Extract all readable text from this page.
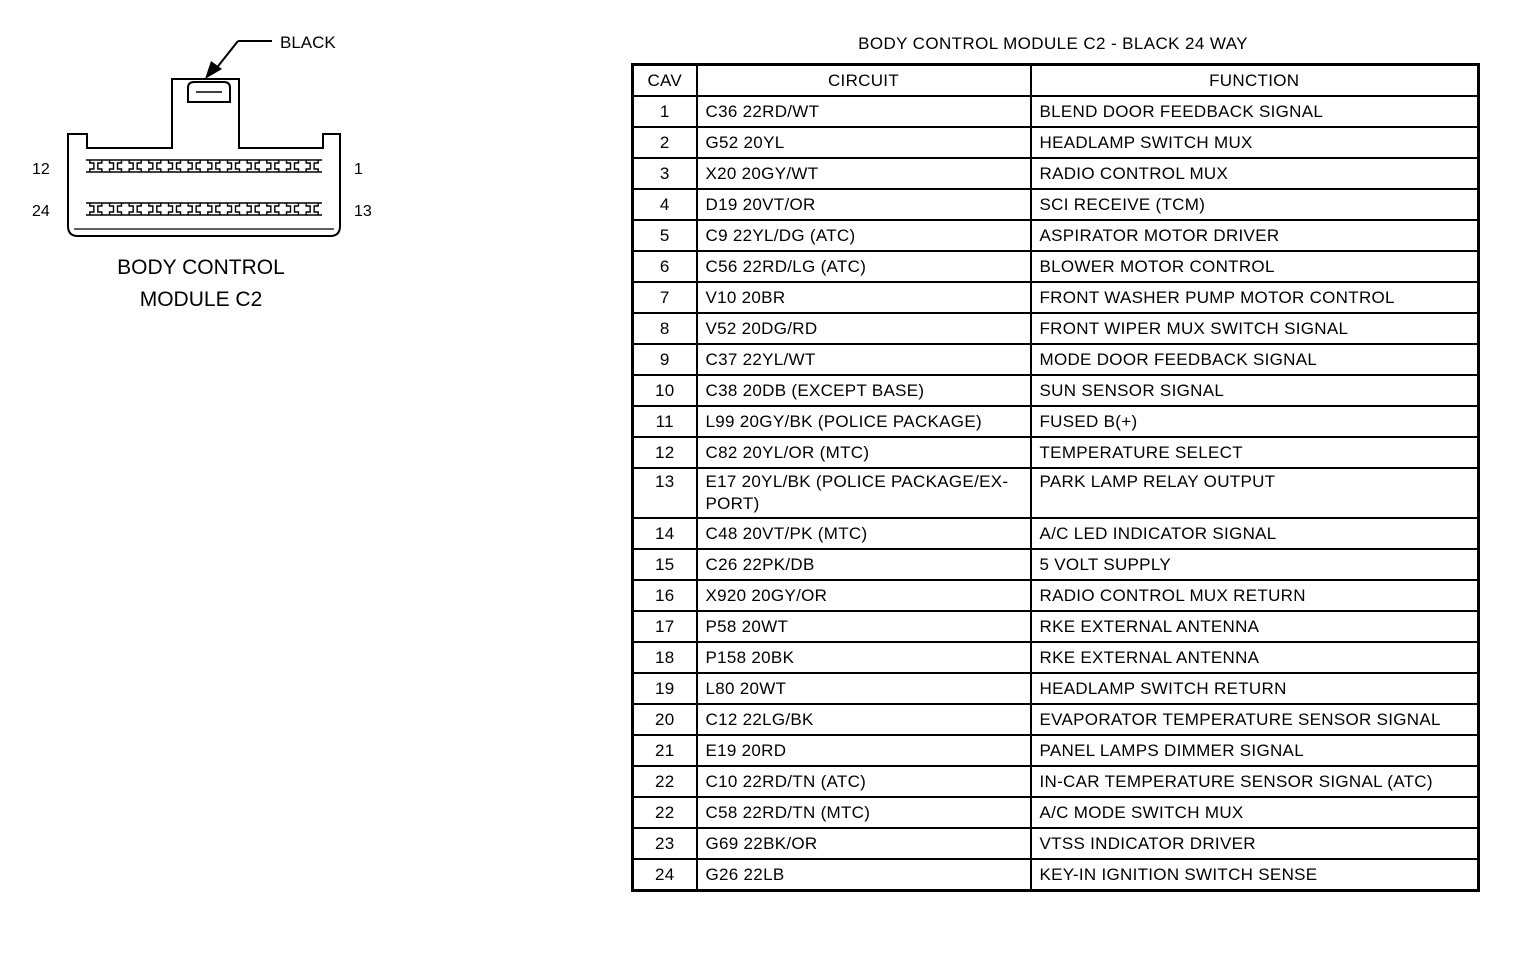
BLACK
12	1
24	13
BODY CONTROL
MODULE C2
BODY CONTROL MODULE C2 - BLACK 24 WAY
CAV	CIRCUIT	FUNCTION
1	C36 22RD/WT	BLEND DOOR FEEDBACK SIGNAL
2	G52 20YL	HEADLAMP SWITCH MUX
3	X20 20GY/WT	RADIO CONTROL MUX
4	D19 20VT/OR	SCI RECEIVE (TCM)
5	C9 22YL/DG (ATC)	ASPIRATOR MOTOR DRIVER
6	C56 22RD/LG (ATC)	BLOWER MOTOR CONTROL
7	V10 20BR	FRONT WASHER PUMP MOTOR CONTROL
8	V52 20DG/RD	FRONT WIPER MUX SWITCH SIGNAL
9	C37 22YL/WT	MODE DOOR FEEDBACK SIGNAL
10	C38 20DB (EXCEPT BASE)	SUN SENSOR SIGNAL
11	L99 20GY/BK (POLICE PACKAGE)	FUSED B(+)
12	C82 20YL/OR (MTC)	TEMPERATURE SELECT
13	E17 20YL/BK (POLICE PACKAGE/EX-PORT)	PARK LAMP RELAY OUTPUT
14	C48 20VT/PK (MTC)	A/C LED INDICATOR SIGNAL
15	C26 22PK/DB	5 VOLT SUPPLY
16	X920 20GY/OR	RADIO CONTROL MUX RETURN
17	P58 20WT	RKE EXTERNAL ANTENNA
18	P158 20BK	RKE EXTERNAL ANTENNA
19	L80 20WT	HEADLAMP SWITCH RETURN
20	C12 22LG/BK	EVAPORATOR TEMPERATURE SENSOR SIGNAL
21	E19 20RD	PANEL LAMPS DIMMER SIGNAL
22	C10 22RD/TN (ATC)	IN-CAR TEMPERATURE SENSOR SIGNAL (ATC)
22	C58 22RD/TN (MTC)	A/C MODE SWITCH MUX
23	G69 22BK/OR	VTSS INDICATOR DRIVER
24	G26 22LB	KEY-IN IGNITION SWITCH SENSE
